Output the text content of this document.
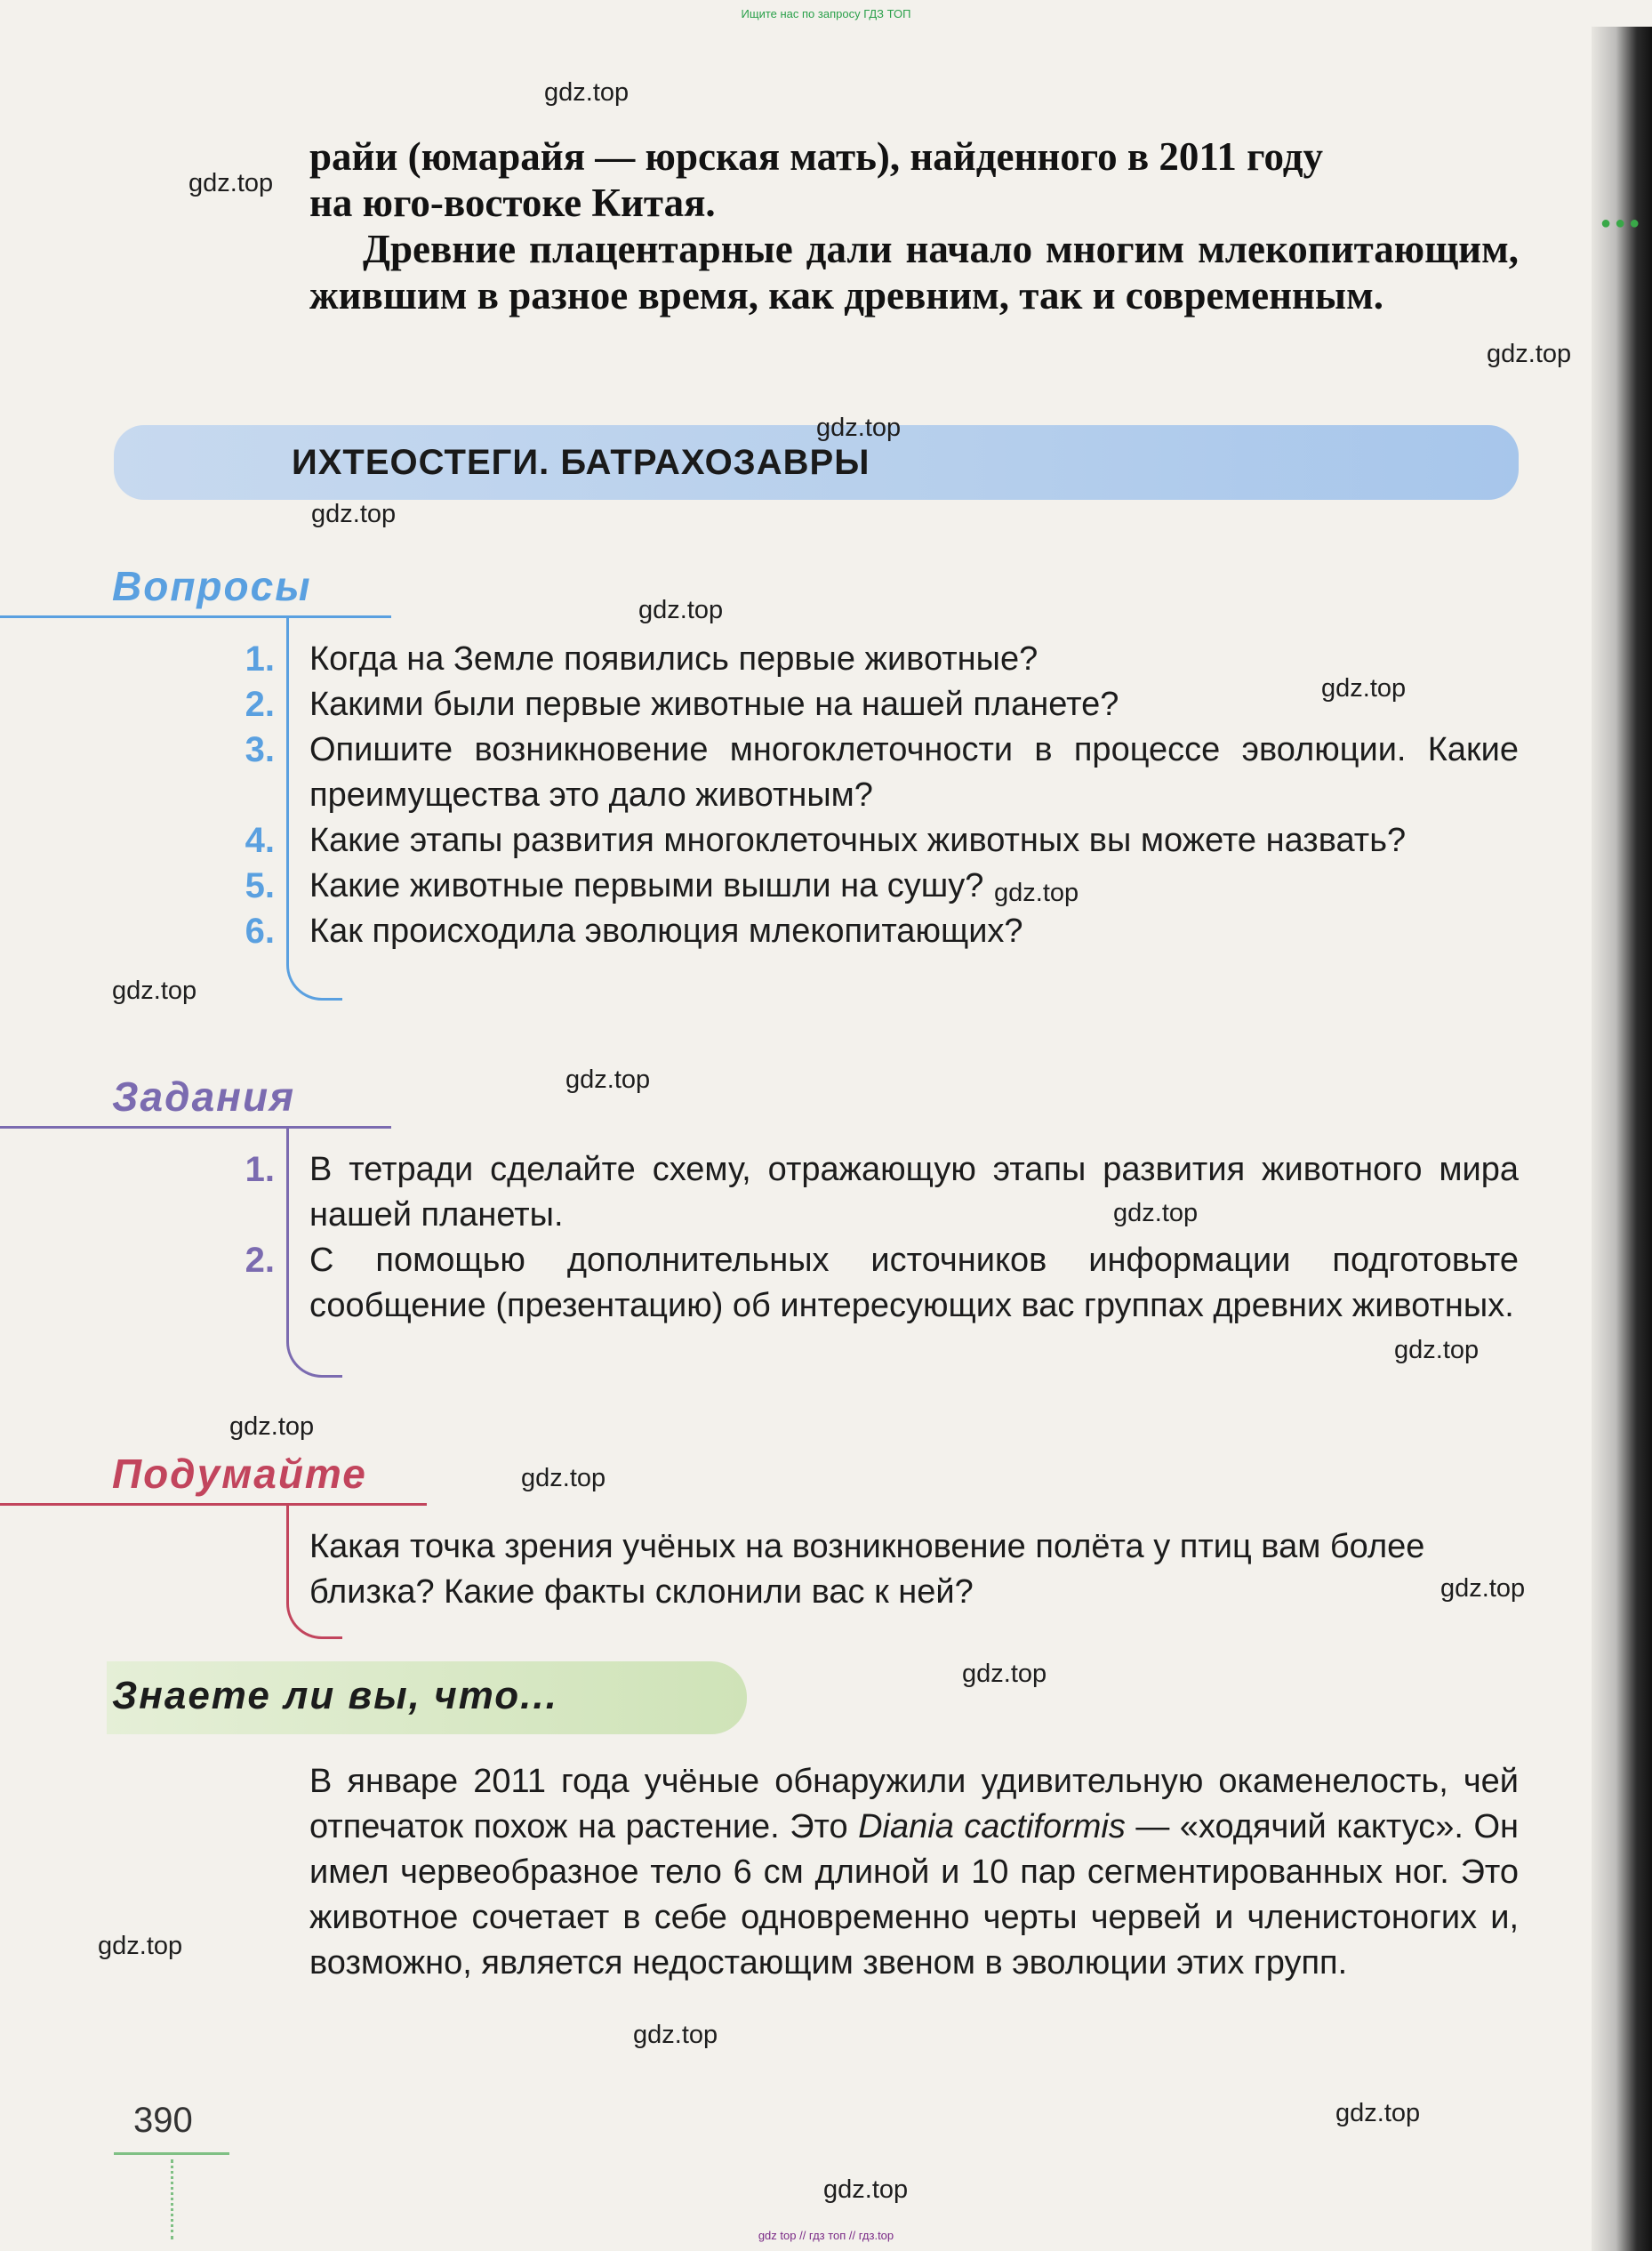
Ищите нас по запросу ГДЗ ТОП
●●●

райи (юмарайя — юрская мать), найденного в 2011 году

на юго-востоке Китая.

Древние плацентарные дали начало многим млекопитающим, жившим в разное время, как древним, так и современным.

ИХТЕОСТЕГИ. БАТРАХОЗАВРЫ
Вопросы
1. Когда на Земле появились первые животные?
2. Какими были первые животные на нашей планете?
3. Опишите возникновение многоклеточности в процессе эволюции. Какие преимущества это дало животным?
4. Какие этапы развития многоклеточных животных вы можете назвать?
5. Какие животные первыми вышли на сушу?
6. Как происходила эволюция млекопитающих?
Задания
1. В тетради сделайте схему, отражающую этапы развития животного мира нашей планеты.
2. С помощью дополнительных источников информации подготовьте сообщение (презентацию) об интересующих вас группах древних животных.
Подумайте
Какая точка зрения учёных на возникновение полёта у птиц вам более близка? Какие факты склонили вас к ней?
Знаете ли вы, что...
В январе 2011 года учёные обнаружили удивительную окаменелость, чей отпечаток похож на растение. Это Diania cactiformis — «ходячий кактус». Он имел червеобразное тело 6 см длиной и 10 пар сегментированных ног. Это животное сочетает в себе одновременно черты червей и членистоногих и, возможно, является недостающим звеном в эволюции этих групп.
390
gdz top // гдз топ // гдз.top
gdz.top
gdz.top
gdz.top
gdz.top
gdz.top
gdz.top
gdz.top
gdz.top
gdz.top
gdz.top
gdz.top
gdz.top
gdz.top
gdz.top
gdz.top
gdz.top
gdz.top
gdz.top
gdz.top
gdz.top
